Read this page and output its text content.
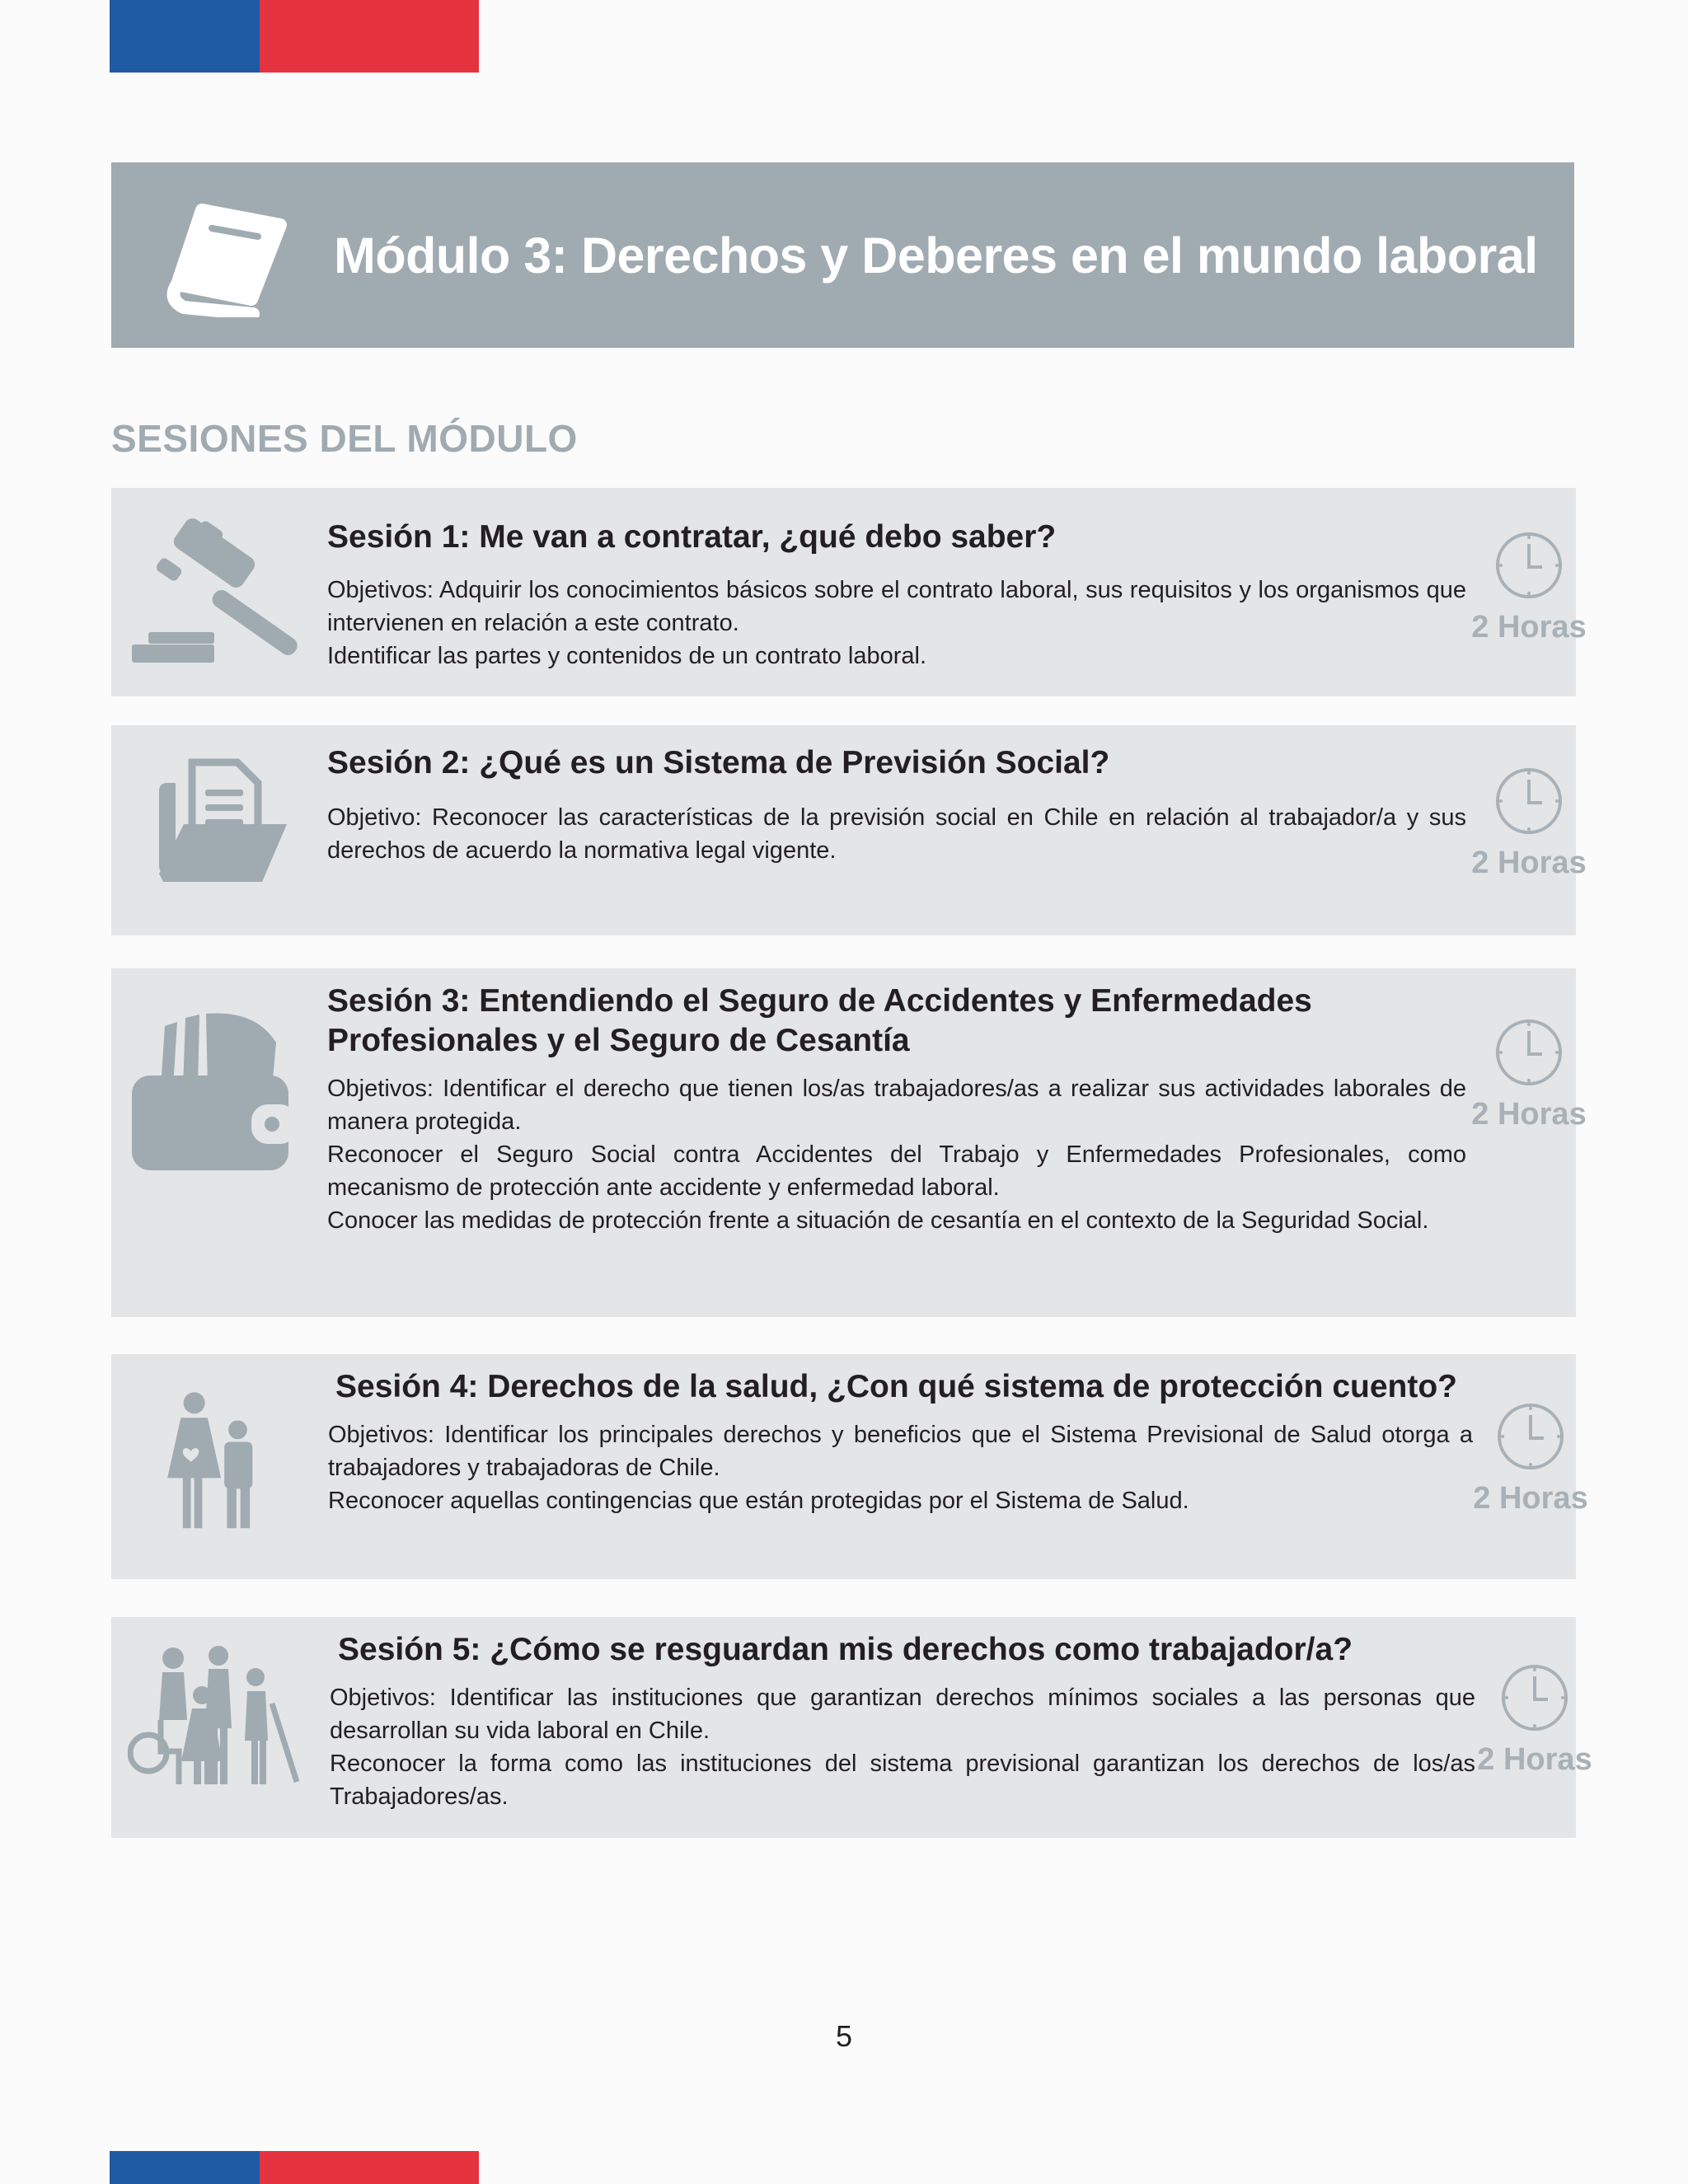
Módulo 3: Derechos y Deberes en el mundo laboral
SESIONES DEL MÓDULO
Sesión 1: Me van a contratar, ¿qué debo saber?
Objetivos: Adquirir los conocimientos básicos sobre el contrato laboral, sus requisitos y los organismos que intervienen en relación a este contrato.
Identificar las partes y contenidos de un contrato laboral.
2 Horas
Sesión 2: ¿Qué es un Sistema de Previsión Social?
Objetivo: Reconocer las características de la previsión social en Chile en relación al trabajador/a y sus derechos de acuerdo la normativa legal vigente.	2 Horas
Sesión 3: Entendiendo el Seguro de Accidentes y Enfermedades Profesionales y el Seguro de Cesantía
Objetivos: Identificar el derecho que tienen los/as trabajadores/as a realizar sus actividades laborales de manera protegida.
Reconocer el Seguro Social contra Accidentes del Trabajo y Enfermedades Profesionales, como mecanismo de protección ante accidente y enfermedad laboral.
Conocer las medidas de protección frente a situación de cesantía en el contexto de la Seguridad Social.
2 Horas
Sesión 4: Derechos de la salud, ¿Con qué sistema de protección cuento?
Objetivos: Identificar los principales derechos y beneficios que el Sistema Previsional de Salud otorga a trabajadores y trabajadoras de Chile.
Reconocer aquellas contingencias que están protegidas por el Sistema de Salud.	2 Horas
Sesión 5: ¿Cómo se resguardan mis derechos como trabajador/a?
Objetivos: Identificar las instituciones que garantizan derechos mínimos sociales a las personas que desarrollan su vida laboral en Chile.
Reconocer la forma como las instituciones del sistema previsional garantizan los derechos de los/as Trabajadores/as.
2 Horas
5
